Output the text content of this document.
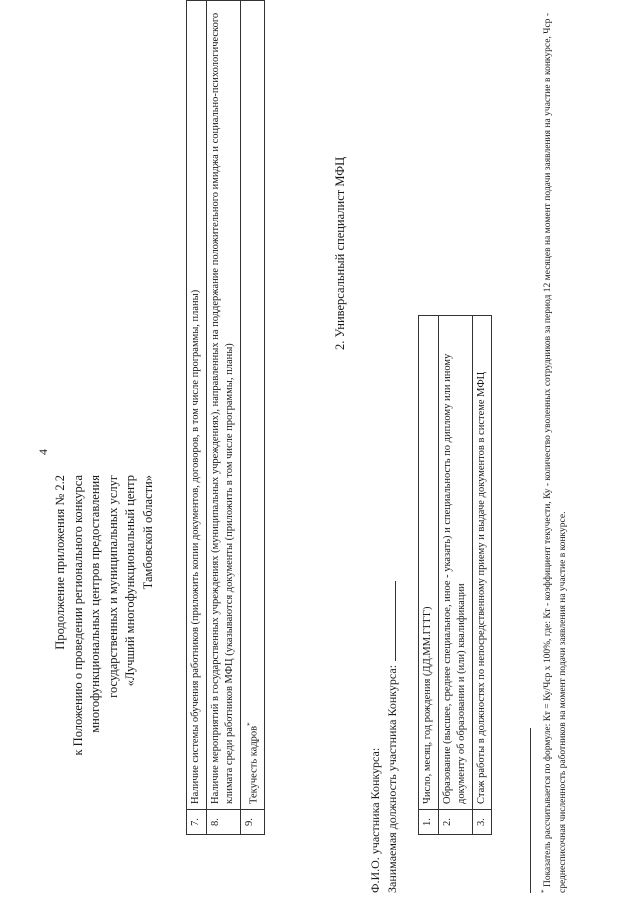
4
Продолжение приложения № 2.2 к Положению о проведении регионального конкурса многофункциональных центров предоставления государственных и муниципальных услуг «Лучший многофункциональный центр Тамбовской области»
7.	Наличие системы обучения работников (приложить копии документов, договоров, в том числе программы, планы)
8.	Наличие мероприятий в государственных учреждениях (муниципальных учреждениях), направленных на поддержание положительного имиджа и социально-психологического климата среди работников МФЦ (указываются документы (приложить в том числе программы, планы)
9.	Текучесть кадров*
2. Универсальный специалист МФЦ
Ф.И.О. участника Конкурса: Занимаемая должность участника Конкурса: 1.	Число, месяц, год рождения (ДД.ММ.ГГГГ)
2.	Образование (высшее, среднее специальное, иное - указать) и специальность по диплому или иному документу об образовании и (или) квалификации
3.	Стаж работы в должностях по непосредственному приему и выдаче документов в системе МФЦ
* Показатель рассчитывается по формуле: Кт = Ку/Чср х 100%, где: Кт - коэффициент текучести, Ку - количество уволенных сотрудников за период 12 месяцев на момент подачи заявления на участие в конкурсе, Чср - среднесписочная численность работников на момент подачи заявления на участие в конкурсе.
